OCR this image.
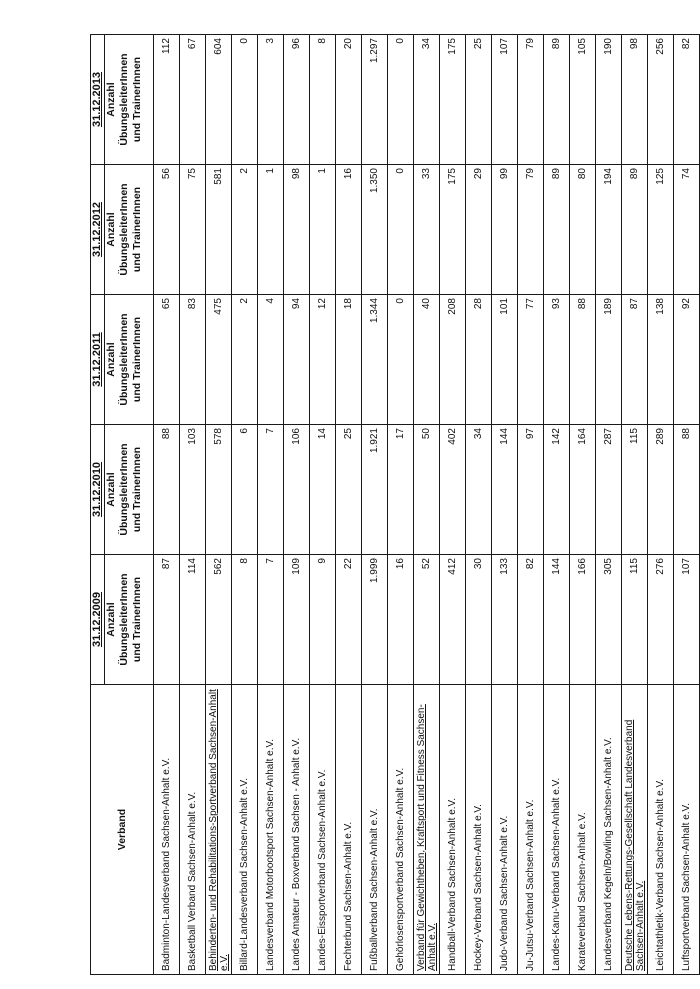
Verband	31.12.2009	31.12.2010	31.12.2011	31.12.2012	31.12.2013

	Anzahl ÜbungsleiterInnen und TrainerInnen	Anzahl ÜbungsleiterInnen und TrainerInnen	Anzahl ÜbungsleiterInnen und TrainerInnen	Anzahl ÜbungsleiterInnen und TrainerInnen	Anzahl ÜbungsleiterInnen und TrainerInnen

Badminton-Landesverband Sachsen-Anhalt e.V.	87	88	65	56	112
Basketball Verband Sachsen-Anhalt e.V.	114	103	83	75	67
Behinderten- und Rehabilitations-Sportverband Sachsen-Anhalt e.V.	562	578	475	581	604
Billard-Landesverband Sachsen-Anhalt e.V.	8	6	2	2	0
Landesverband Motorbootsport Sachsen-Anhalt e.V.	7	7	4	1	3
Landes Amateur - Boxverband Sachsen - Anhalt e.V.	109	106	94	98	96
Landes-Eissportverband Sachsen-Anhalt e.V.	9	14	12	1	8
Fechterbund Sachsen-Anhalt e.V.	22	25	18	16	20
Fußballverband Sachsen-Anhalt e.V.	1.999	1.921	1.344	1.350	1.297
Gehörlosensportverband Sachsen-Anhalt e.V.	16	17	0	0	0
Verband für Gewichtheben, Kraftsport und Fitness Sachsen-Anhalt e.V.	52	50	40	33	34
Handball-Verband Sachsen-Anhalt e.V.	412	402	208	175	175
Hockey-Verband Sachsen-Anhalt e.V.	30	34	28	29	25
Judo-Verband Sachsen-Anhalt e.V.	133	144	101	99	107
Ju-Jutsu-Verband Sachsen-Anhalt e.V.	82	97	77	79	79
Landes-Kanu-Verband Sachsen-Anhalt e.V.	144	142	93	89	89
Karateverband Sachsen-Anhalt e.V.	166	164	88	80	105
Landesverband Kegeln/Bowling Sachsen-Anhalt e.V.	305	287	189	194	190
Deutsche Lebens-Rettungs-Gesellschaft Landesverband Sachsen-Anhalt e.V.	115	115	87	89	98
Leichtathletik-Verband Sachsen-Anhalt e.V.	276	289	138	125	256
Luftsportverband Sachsen-Anhalt e.V.	107	88	92	74	82
